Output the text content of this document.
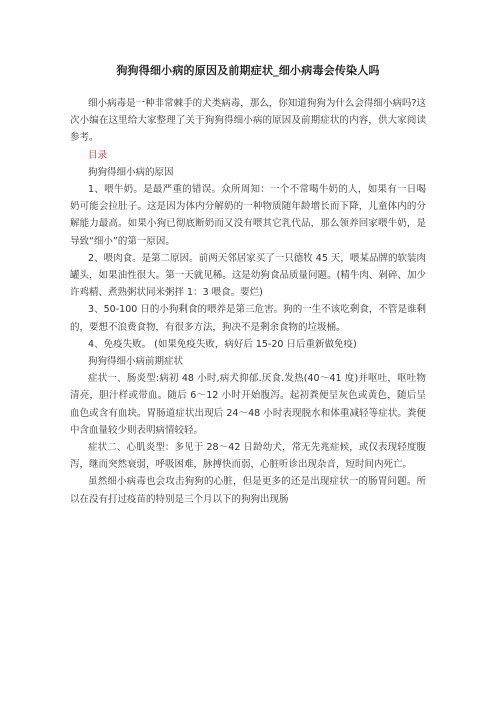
狗狗得细小病的原因及前期症状_细小病毒会传染人吗

细小病毒是一种非常棘手的犬类病毒，那么，你知道狗狗为什么会得细小病吗?这次小编在这里给大家整理了关于狗狗得细小病的原因及前期症状的内容，供大家阅读参考。

目录

狗狗得细小病的原因

1、喂牛奶。是最严重的错误。众所周知：一个不常喝牛奶的人，如果有一日喝奶可能会拉肚子。这是因为体内分解奶的一种物质随年龄增长而下降，儿童体内的分解能力最高。如果小狗已彻底断奶而又没有喂其它乳代品，那么领养回家喂牛奶，是导致“细小”的第一原因。

2、喂肉食。是第二原因。前两天邻居家买了一只德牧 45 天，喂某品牌的软装肉罐头，如果油性很大。第一天就见稀。这是幼狗食品质量问题。(精牛肉、剁碎、加少许鸡精、煮熟粥状同米粥拌 1：3 喂食。要烂)

3、50-100 日的小狗剩食的喂养是第三危害。狗的一生不该吃剩食，不管是谁剩的，要想不浪费食物，有很多方法，狗决不是剩余食物的垃圾桶。

4、免疫失败。 (如果免疫失败，病好后 15-20 日后重新做免疫)

狗狗得细小病前期症状

症状一、肠炎型:病初 48 小时,病犬抑郁.厌食.发热(40～41 度)并呕吐，呕吐物清亮，胆汁样或带血。随后 6～12 小时开始腹泻。起初粪便呈灰色或黄色，随后呈血色或含有血块。胃肠道症状出现后 24～48 小时表现脱水和体重减轻等症状。粪便中含血量较少则表明病情较轻。

症状二、心肌炎型：多见于 28～42 日龄幼犬，常无先兆症候，或仅表现轻度腹泻，继而突然衰弱，呼吸困难，脉搏快而弱，心脏听诊出现杂音，短时间内死亡。

虽然细小病毒也会攻击狗狗的心脏，但是更多的还是出现症状一的肠胃问题。所以在没有打过疫苗的特别是三个月以下的狗狗出现肠
